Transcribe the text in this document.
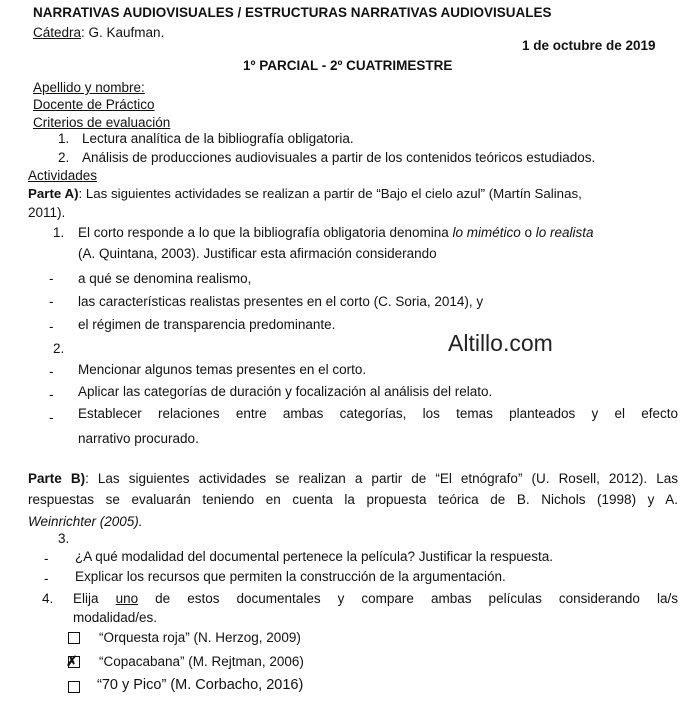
NARRATIVAS AUDIOVISUALES / ESTRUCTURAS NARRATIVAS AUDIOVISUALES
Cátedra: G. Kaufman.
1 de octubre de 2019
1º PARCIAL - 2º CUATRIMESTRE
Apellido y nombre:
Docente de Práctico
Criterios de evaluación
1. Lectura analítica de la bibliografía obligatoria.
2. Análisis de producciones audiovisuales a partir de los contenidos teóricos estudiados.
Actividades
Parte A): Las siguientes actividades se realizan a partir de “Bajo el cielo azul” (Martín Salinas,
2011).
1. El corto responde a lo que la bibliografía obligatoria denomina lo mimético o lo realista
(A. Quintana, 2003). Justificar esta afirmación considerando
- a qué se denomina realismo,
- las características realistas presentes en el corto (C. Soria, 2014), y
- el régimen de transparencia predominante.
2.	Altillo.com
- Mencionar algunos temas presentes en el corto.
- Aplicar las categorías de duración y focalización al análisis del relato.
- Establecer relaciones entre ambas categorías, los temas planteados y el efecto
narrativo procurado.
Parte B): Las siguientes actividades se realizan a partir de “El etnógrafo” (U. Rosell, 2012). Las
respuestas se evaluarán teniendo en cuenta la propuesta teórica de B. Nichols (1998) y A.
Weinrichter (2005).
3.
- ¿A qué modalidad del documental pertenece la película? Justificar la respuesta.
- Explicar los recursos que permiten la construcción de la argumentación.
4. Elija uno de estos documentales y compare ambas películas considerando la/s
modalidad/es.
“Orquesta roja” (N. Herzog, 2009)
✗ “Copacabana” (M. Rejtman, 2006)
“70 y Pico” (M. Corbacho, 2016)
